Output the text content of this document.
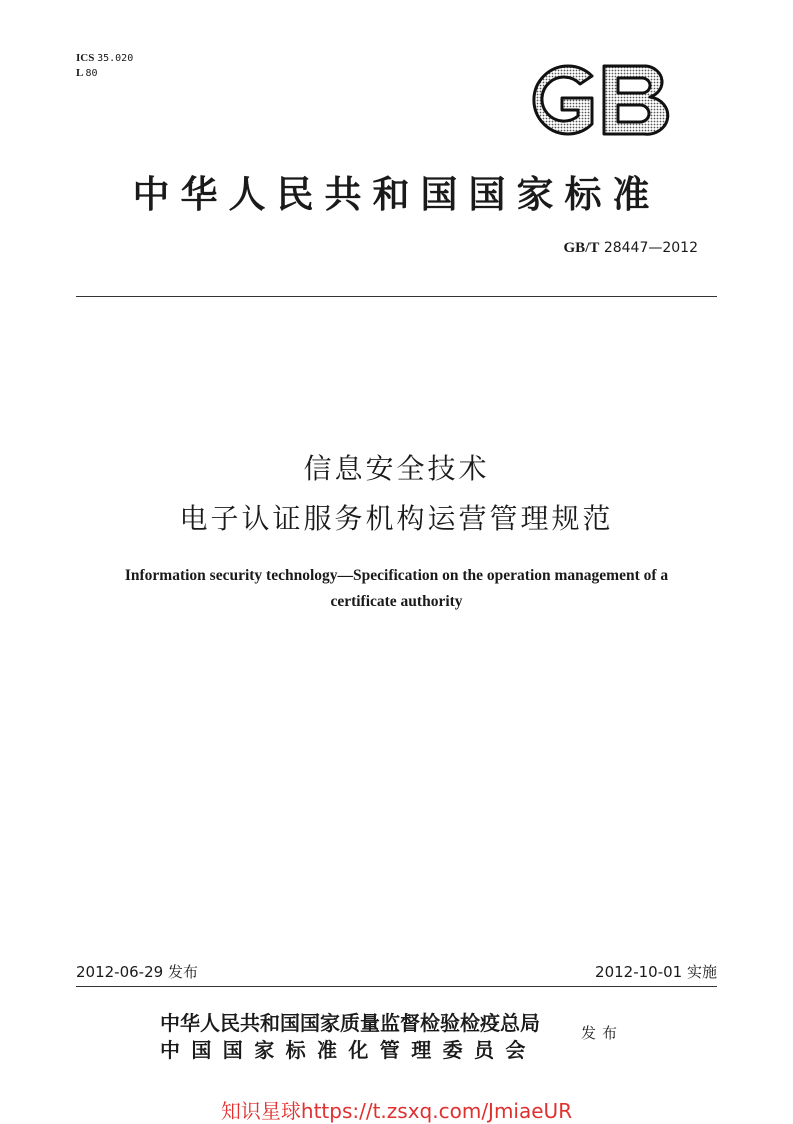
ICS 35.020
L 80
中华人民共和国国家标准
GB/T 28447—2012
信息安全技术
电子认证服务机构运营管理规范
Information security technology—Specification on the operation management of a
certificate authority
2012-06-29 发布	2012-10-01 实施
中华人民共和国国家质量监督检验检疫总局
中国国家标准化管理委员会
发布
知识星球https://t.zsxq.com/JmiaeUR
